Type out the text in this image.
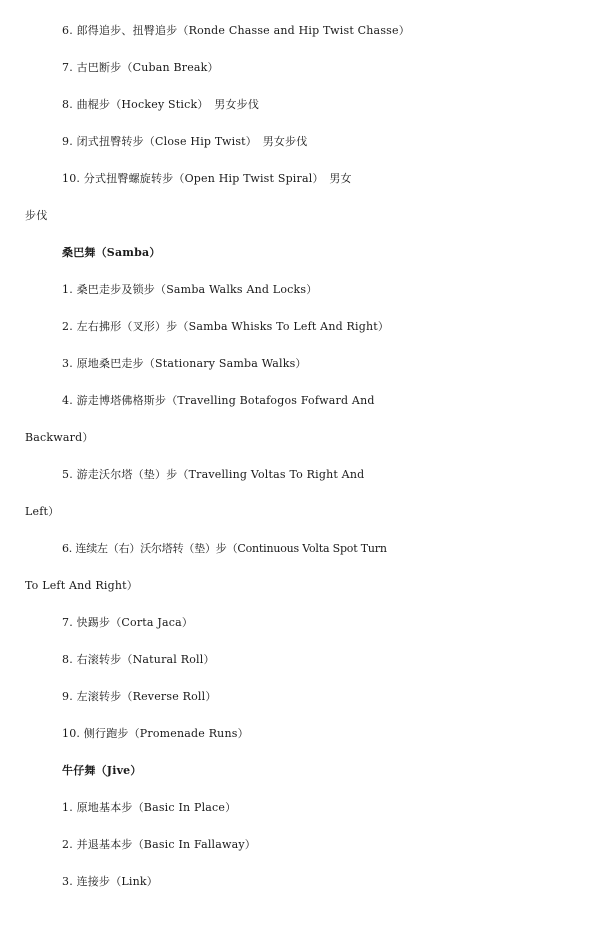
6. 郎得追步、扭臀追步（Ronde Chasse and Hip Twist Chasse）
7. 古巴断步（Cuban Break）
8. 曲棍步（Hockey Stick）　男女步伐
9. 闭式扭臀转步（Close Hip Twist）　男女步伐
10. 分式扭臀螺旋转步（Open Hip Twist Spiral）　男女
步伐
桑巴舞（Samba）
1. 桑巴走步及锁步（Samba Walks And Locks）
2. 左右拂形（叉形）步（Samba Whisks To Left And Right）
3. 原地桑巴走步（Stationary Samba Walks）
4. 游走博塔佛格斯步（Travelling Botafogos Fofward And
Backward）
5. 游走沃尔塔（垫）步（Travelling Voltas To Right And
Left）
6. 连续左（右）沃尔塔转（垫）步（Continuous Volta Spot Turn
To Left And Right）
7. 快踢步（Corta Jaca）
8. 右滚转步（Natural Roll）
9. 左滚转步（Reverse Roll）
10. 侧行跑步（Promenade Runs）
牛仔舞（Jive）
1. 原地基本步（Basic In Place）
2. 并退基本步（Basic In Fallaway）
3. 连接步（Link）
